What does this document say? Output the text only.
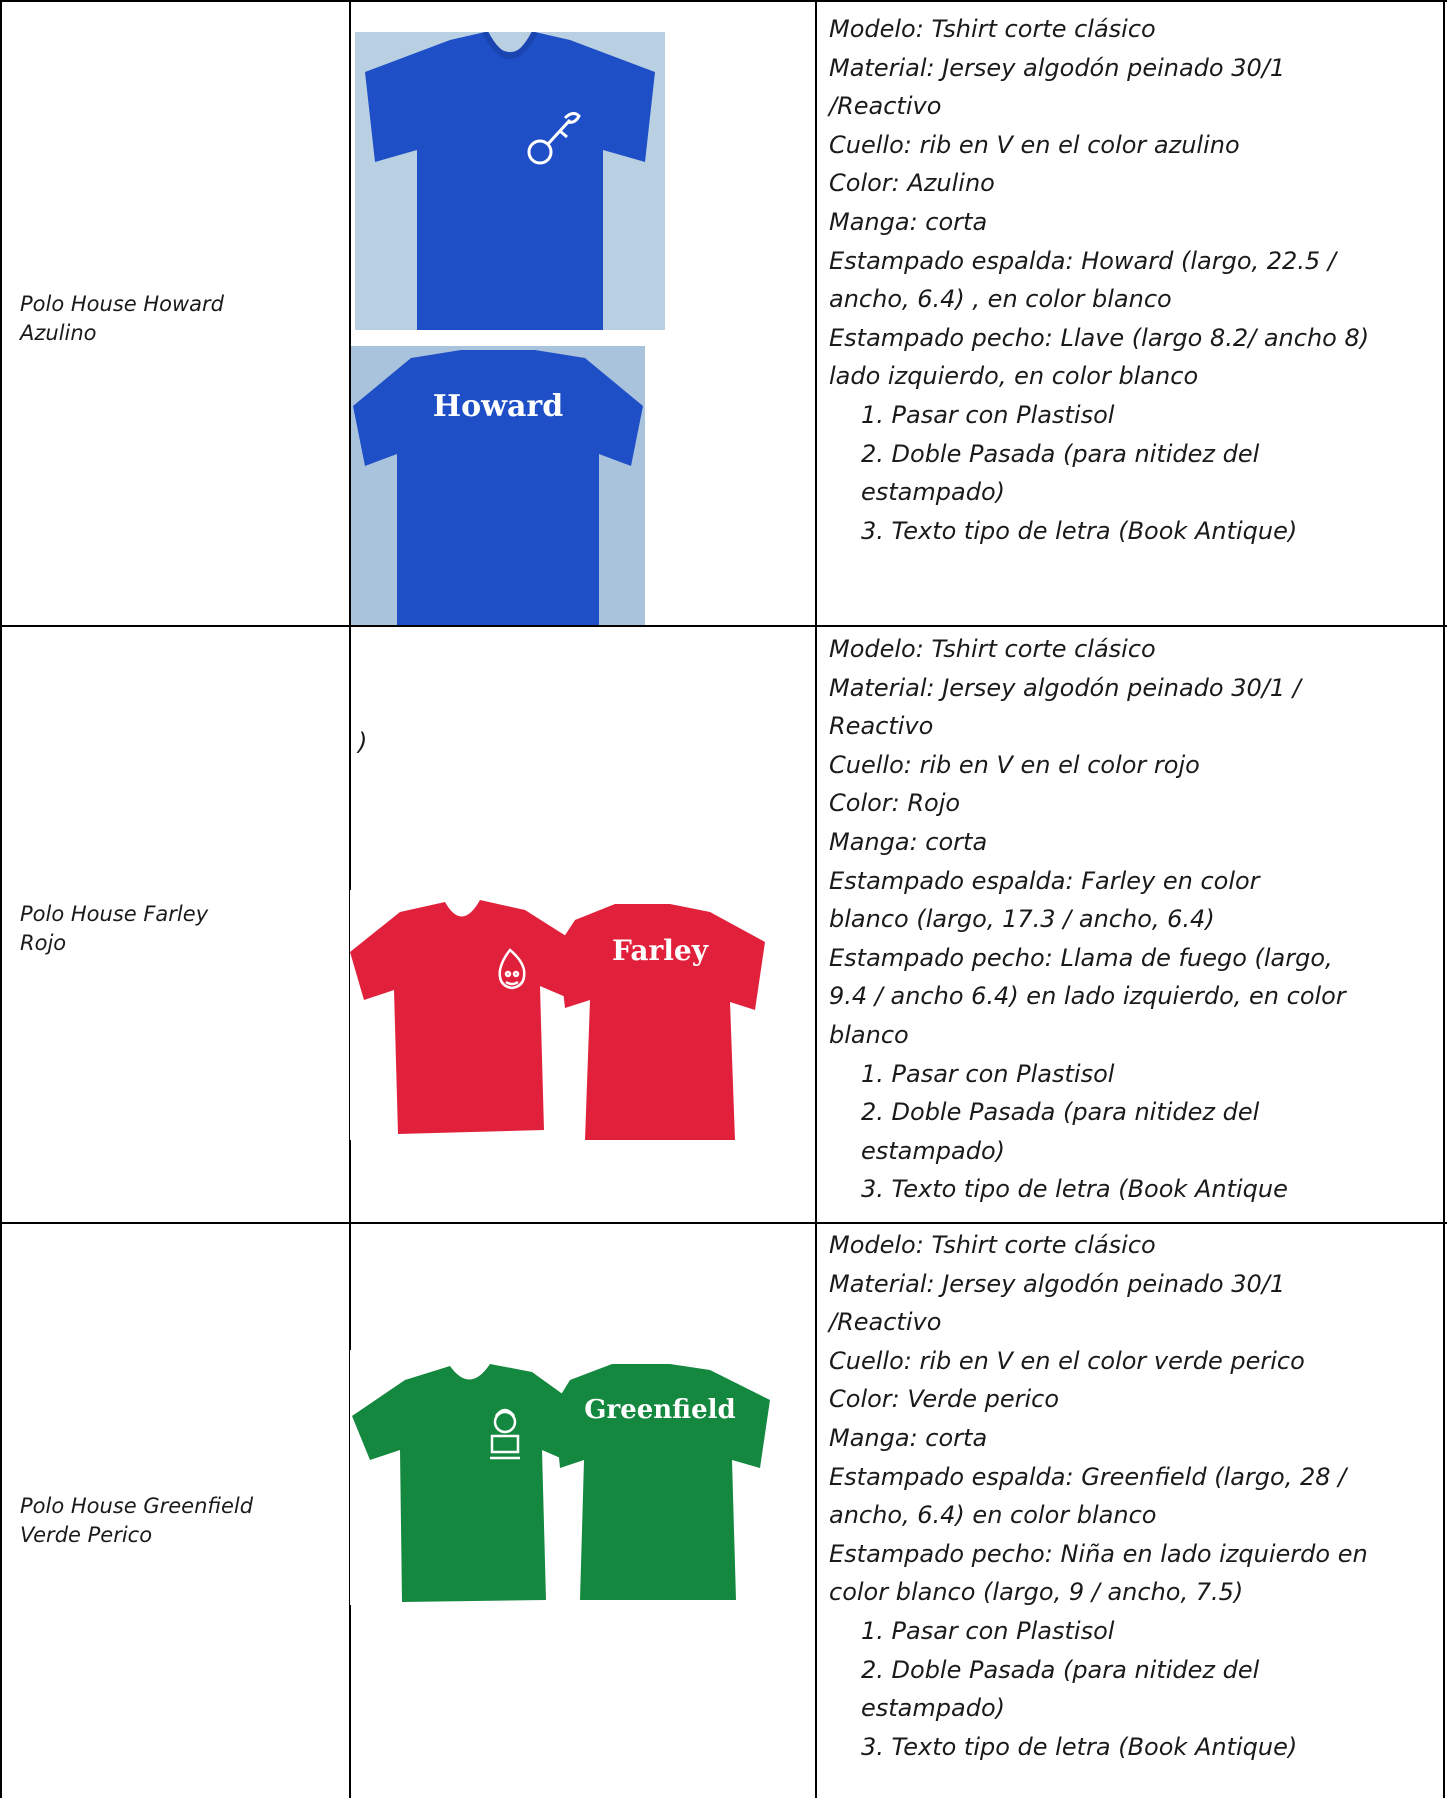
Polo House Howard
Azulino
Howard

Modelo: Tshirt corte clásico

Material: Jersey algodón peinado 30/1

/Reactivo

Cuello: rib en V en el color azulino

Color: Azulino

Manga: corta

Estampado espalda: Howard (largo, 22.5 /

ancho, 6.4) , en color blanco

Estampado pecho: Llave (largo 8.2/ ancho 8)

lado izquierdo, en color blanco

1. Pasar con Plastisol

2. Doble Pasada (para nitidez del

estampado)

3. Texto tipo de letra (Book Antique)

Polo House Farley
Rojo
)
Farley

Modelo: Tshirt corte clásico

Material: Jersey algodón peinado 30/1 /

Reactivo

Cuello: rib en V en el color rojo

Color: Rojo

Manga: corta

Estampado espalda: Farley en color

blanco (largo, 17.3 / ancho, 6.4)

Estampado pecho: Llama de fuego (largo,

9.4 / ancho 6.4) en lado izquierdo, en color

blanco

1. Pasar con Plastisol

2. Doble Pasada (para nitidez del

estampado)

3. Texto tipo de letra (Book Antique

Polo House Greenfield
Verde Perico
Greenfield

Modelo: Tshirt corte clásico

Material: Jersey algodón peinado 30/1

/Reactivo

Cuello: rib en V en el color verde perico

Color: Verde perico

Manga: corta

Estampado espalda: Greenfield (largo, 28 /

ancho, 6.4) en color blanco

Estampado pecho: Niña en lado izquierdo en

color blanco (largo, 9 / ancho, 7.5)

1. Pasar con Plastisol

2. Doble Pasada (para nitidez del

estampado)

3. Texto tipo de letra (Book Antique)
